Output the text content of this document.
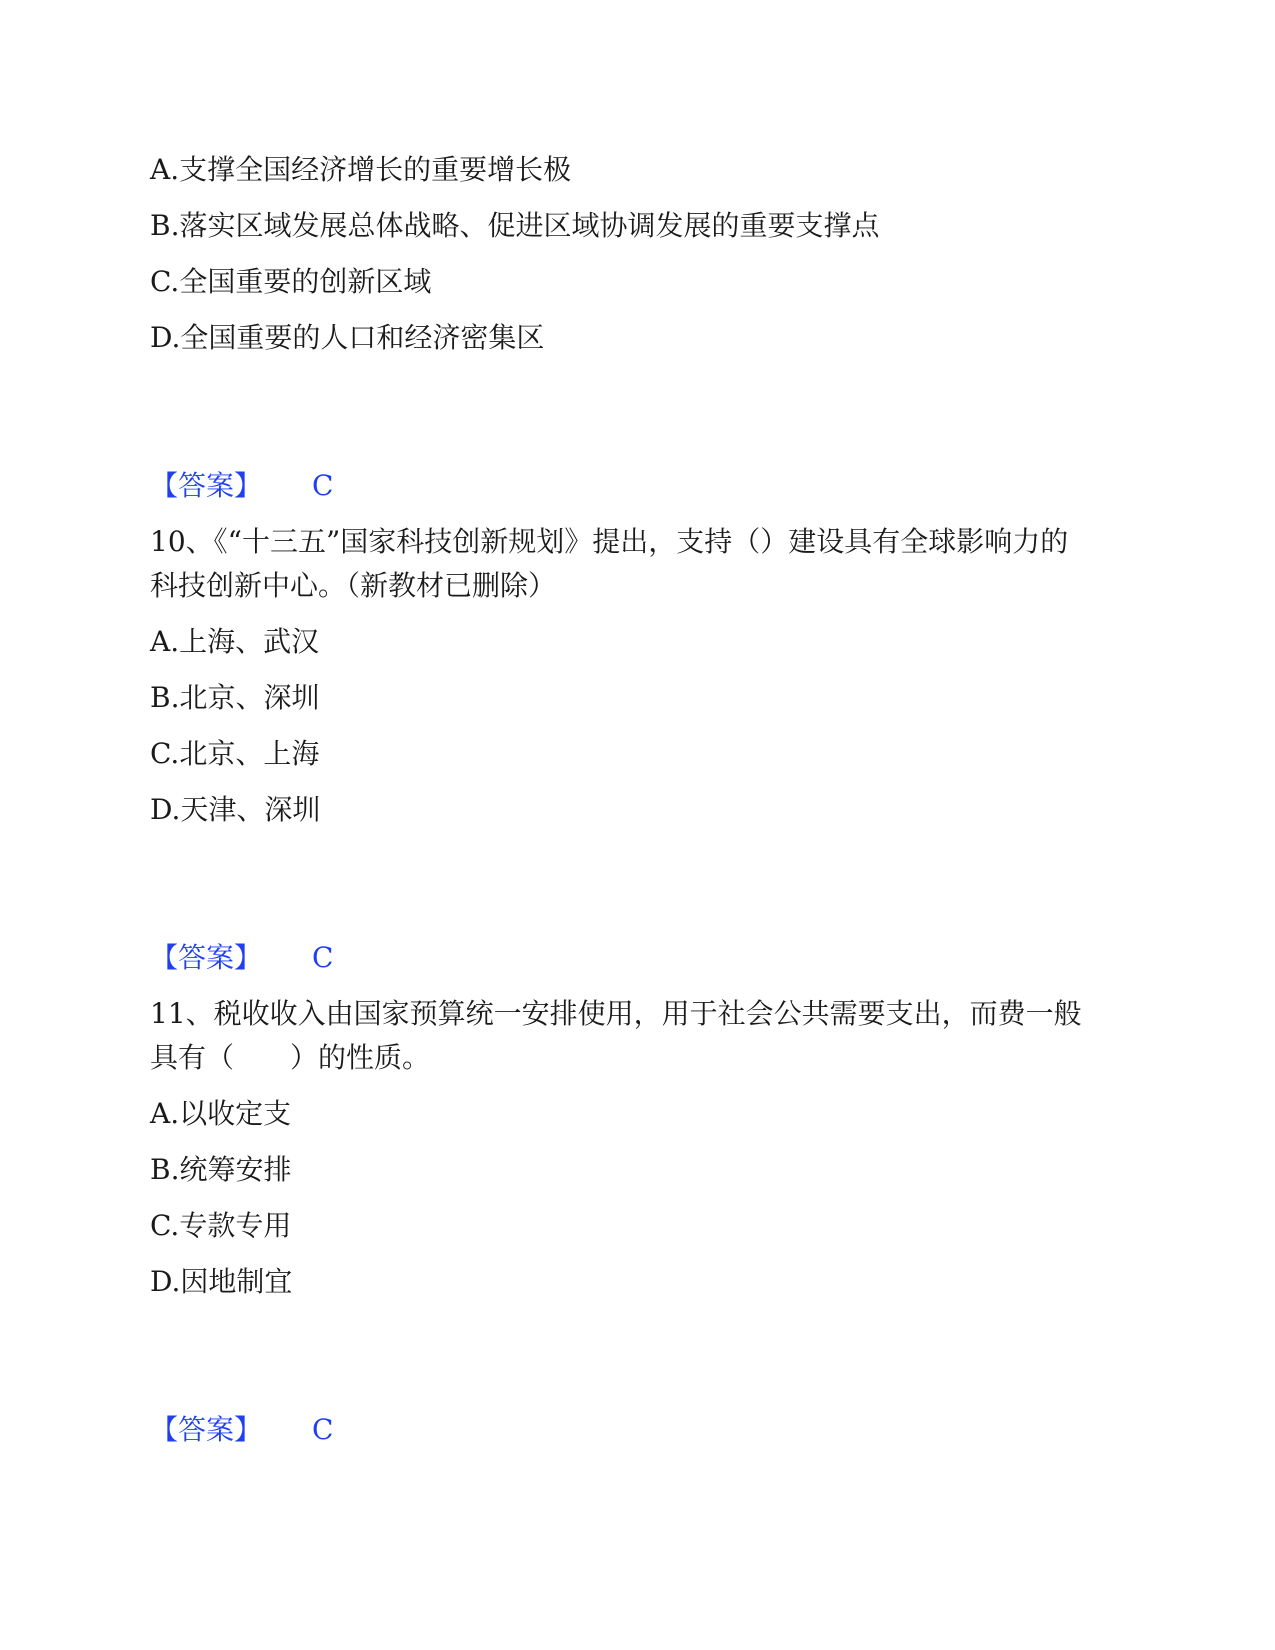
A.支撑全国经济增长的重要增长极
B.落实区域发展总体战略、促进区域协调发展的重要支撑点
C.全国重要的创新区域
D.全国重要的人口和经济密集区
【答案】 C
10、《“十三五”国家科技创新规划》提出，支持（）建设具有全球影响力的
科技创新中心。（新教材已删除）
A.上海、武汉
B.北京、深圳
C.北京、上海
D.天津、深圳
【答案】 C
11、税收收入由国家预算统一安排使用，用于社会公共需要支出，而费一般
具有（　　）的性质。
A.以收定支
B.统筹安排
C.专款专用
D.因地制宜
【答案】 C
